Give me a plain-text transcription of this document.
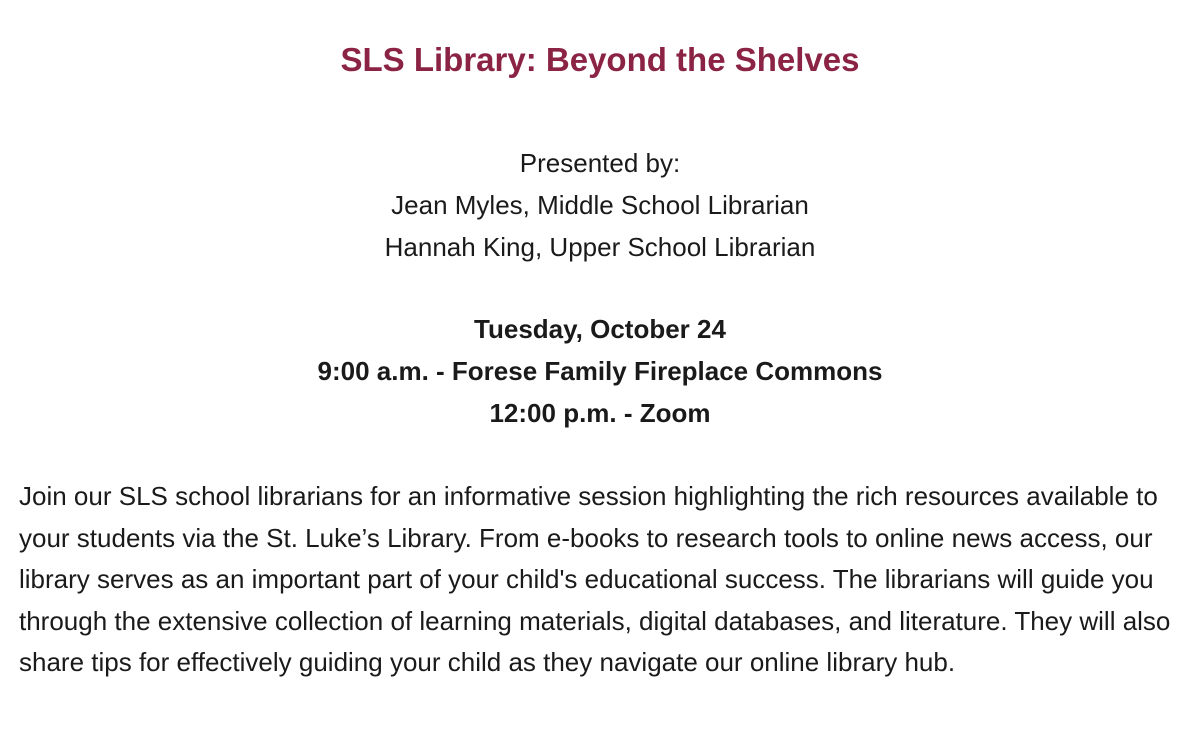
SLS Library: Beyond the Shelves
Presented by:
Jean Myles, Middle School Librarian
Hannah King, Upper School Librarian
Tuesday, October 24
9:00 a.m. - Forese Family Fireplace Commons
12:00 p.m. - Zoom

Join our SLS school librarians for an informative session highlighting the rich resources available to your students via the St. Luke’s Library. From e-books to research tools to online news access, our library serves as an important part of your child's educational success. The librarians will guide you through the extensive collection of learning materials, digital databases, and literature. They will also share tips for effectively guiding your child as they navigate our online library hub.
